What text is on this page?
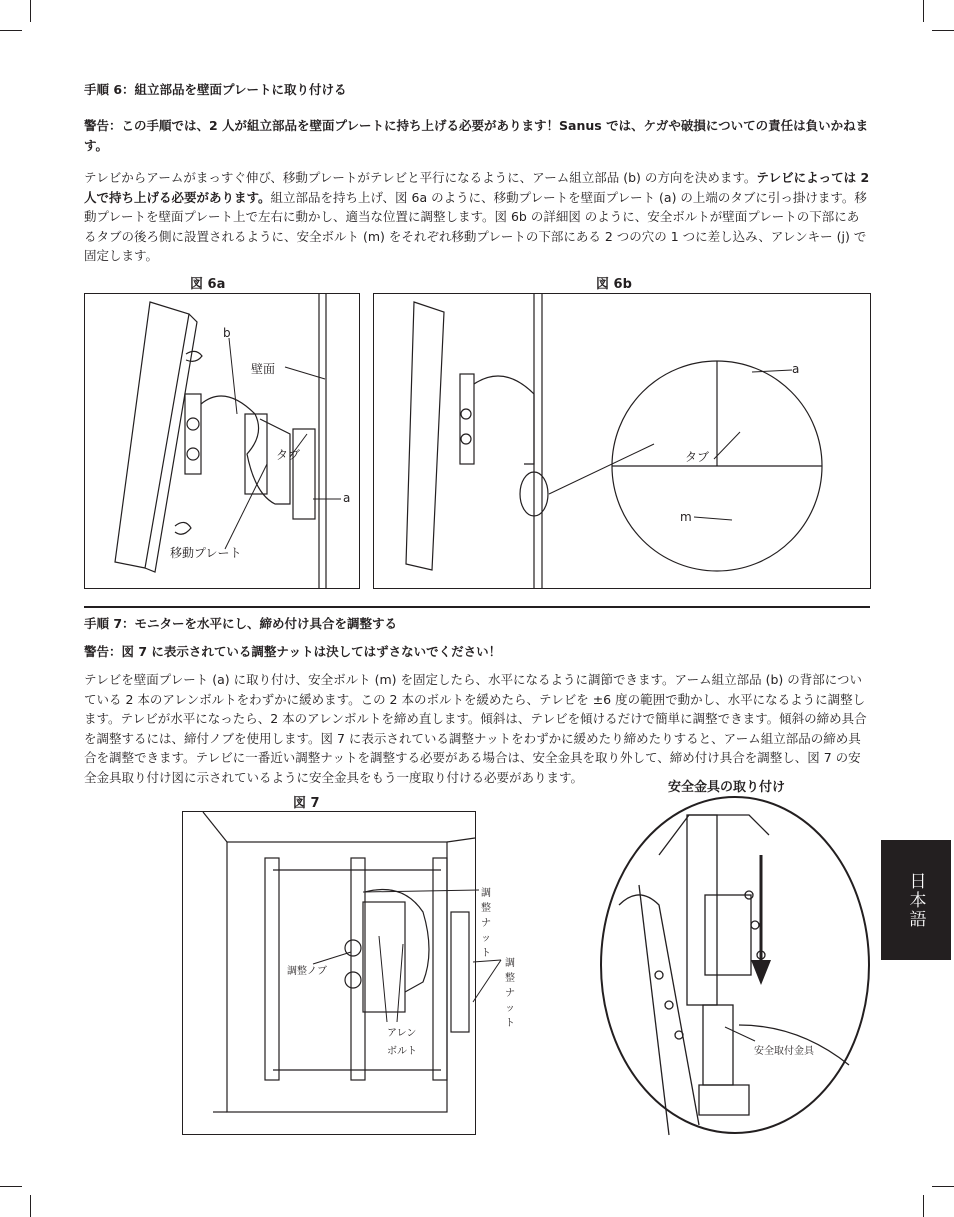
手順 6：組立部品を壁面プレートに取り付ける
警告：この手順では、2 人が組立部品を壁面プレートに持ち上げる必要があります！Sanus では、ケガや破損についての責任は負いかねます。
テレビからアームがまっすぐ伸び、移動プレートがテレビと平行になるように、アーム組立部品 (b) の方向を決めます。テレビによっては 2 人で持ち上げる必要があります。組立部品を持ち上げ、図 6a のように、移動プレートを壁面プレート (a) の上端のタブに引っ掛けます。移動プレートを壁面プレート上で左右に動かし、適当な位置に調整します。図 6b の詳細図 のように、安全ボルトが壁面プレートの下部にあるタブの後ろ側に設置されるように、安全ボルト (m) をそれぞれ移動プレートの下部にある 2 つの穴の 1 つに差し込み、アレンキー (j) で固定します。
図 6a
b
壁面
タブ
a
移動プレート
図 6b
a
タブ
m
手順 7：モニターを水平にし、締め付け具合を調整する
警告：図 7 に表示されている調整ナットは決してはずさないでください！
テレビを壁面プレート (a) に取り付け、安全ボルト (m) を固定したら、水平になるように調節できます。アーム組立部品 (b) の背部についている 2 本のアレンボルトをわずかに緩めます。この 2 本のボルトを緩めたら、テレビを ±6 度の範囲で動かし、水平になるように調整します。テレビが水平になったら、2 本のアレンボルトを締め直します。傾斜は、テレビを傾けるだけで簡単に調整できます。傾斜の締め具合を調整するには、締付ノブを使用します。図 7 に表示されている調整ナットをわずかに緩めたり締めたりすると、アーム組立部品の締め具合を調整できます。テレビに一番近い調整ナットを調整する必要がある場合は、安全金具を取り外して、締め付け具合を調整し、図 7 の安全金具取り付け図に示されているように安全金具をもう一度取り付ける必要があります。
図 7
調整ナット
調整ナット
調整ノブ
アレン
ボルト
安全金具の取り付け
安全取付金具
日本語
